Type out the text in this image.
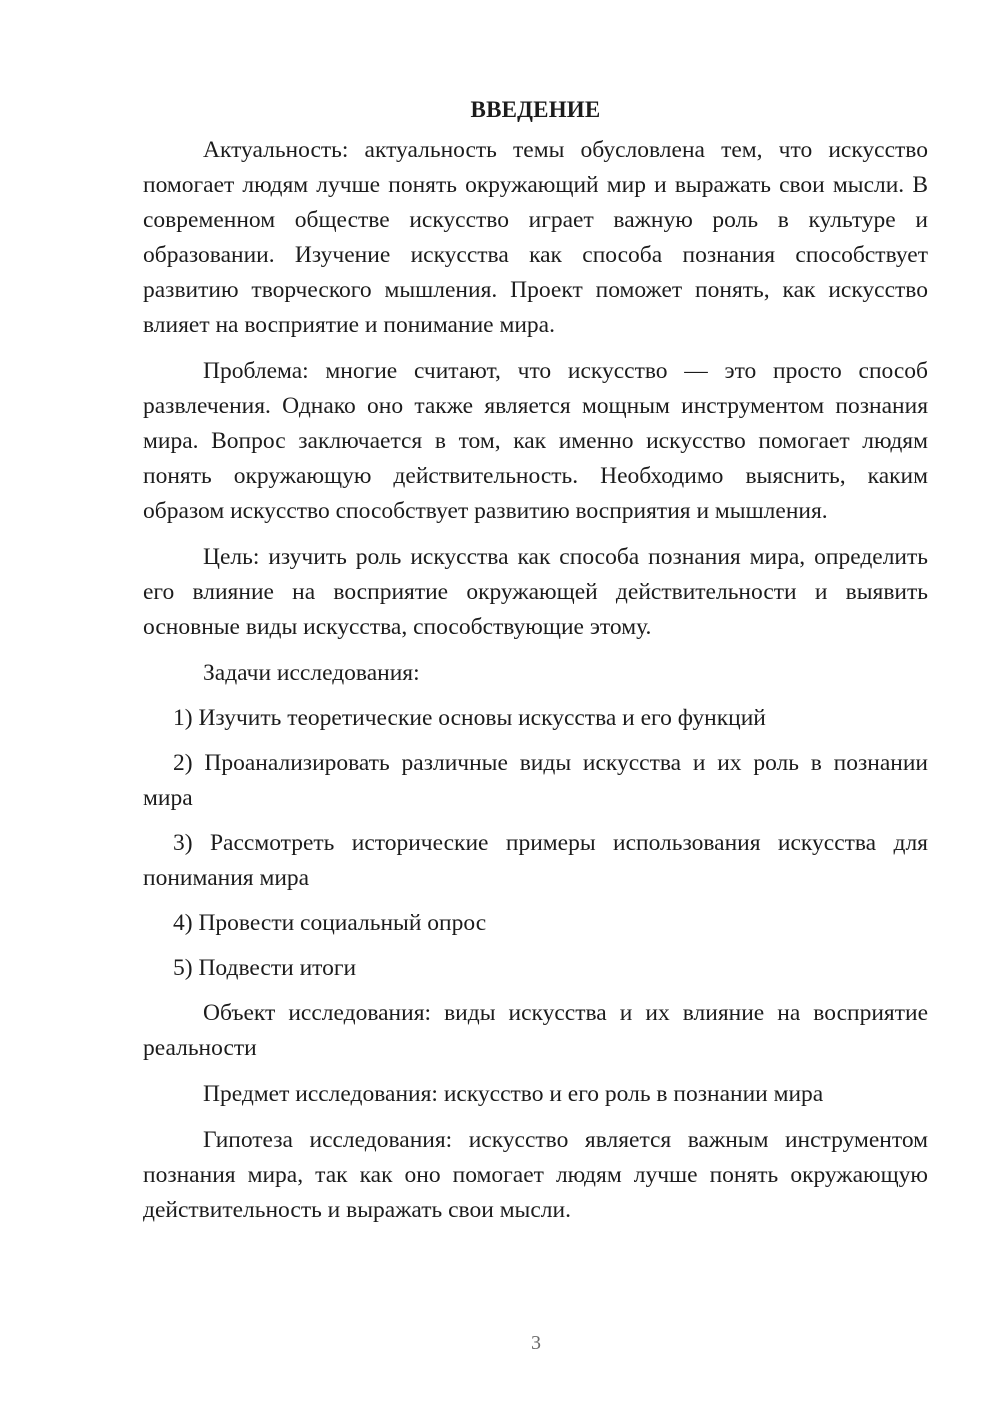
ВВЕДЕНИЕ

Актуальность: актуальность темы обусловлена тем, что искусство помогает людям лучше понять окружающий мир и выражать свои мысли. В современном обществе искусство играет важную роль в культуре и образовании. Изучение искусства как способа познания способствует развитию творческого мышления. Проект поможет понять, как искусство влияет на восприятие и понимание мира.

Проблема: многие считают, что искусство — это просто способ развлечения. Однако оно также является мощным инструментом познания мира. Вопрос заключается в том, как именно искусство помогает людям понять окружающую действительность. Необходимо выяснить, каким образом искусство способствует развитию восприятия и мышления.

Цель: изучить роль искусства как способа познания мира, определить его влияние на восприятие окружающей действительности и выявить основные виды искусства, способствующие этому.

Задачи исследования:

1) Изучить теоретические основы искусства и его функций

2) Проанализировать различные виды искусства и их роль в познании мира

3) Рассмотреть исторические примеры использования искусства для понимания мира

4) Провести социальный опрос

5) Подвести итоги

Объект исследования: виды искусства и их влияние на восприятие реальности

Предмет исследования: искусство и его роль в познании мира

Гипотеза исследования: искусство является важным инструментом познания мира, так как оно помогает людям лучше понять окружающую действительность и выражать свои мысли.

3
